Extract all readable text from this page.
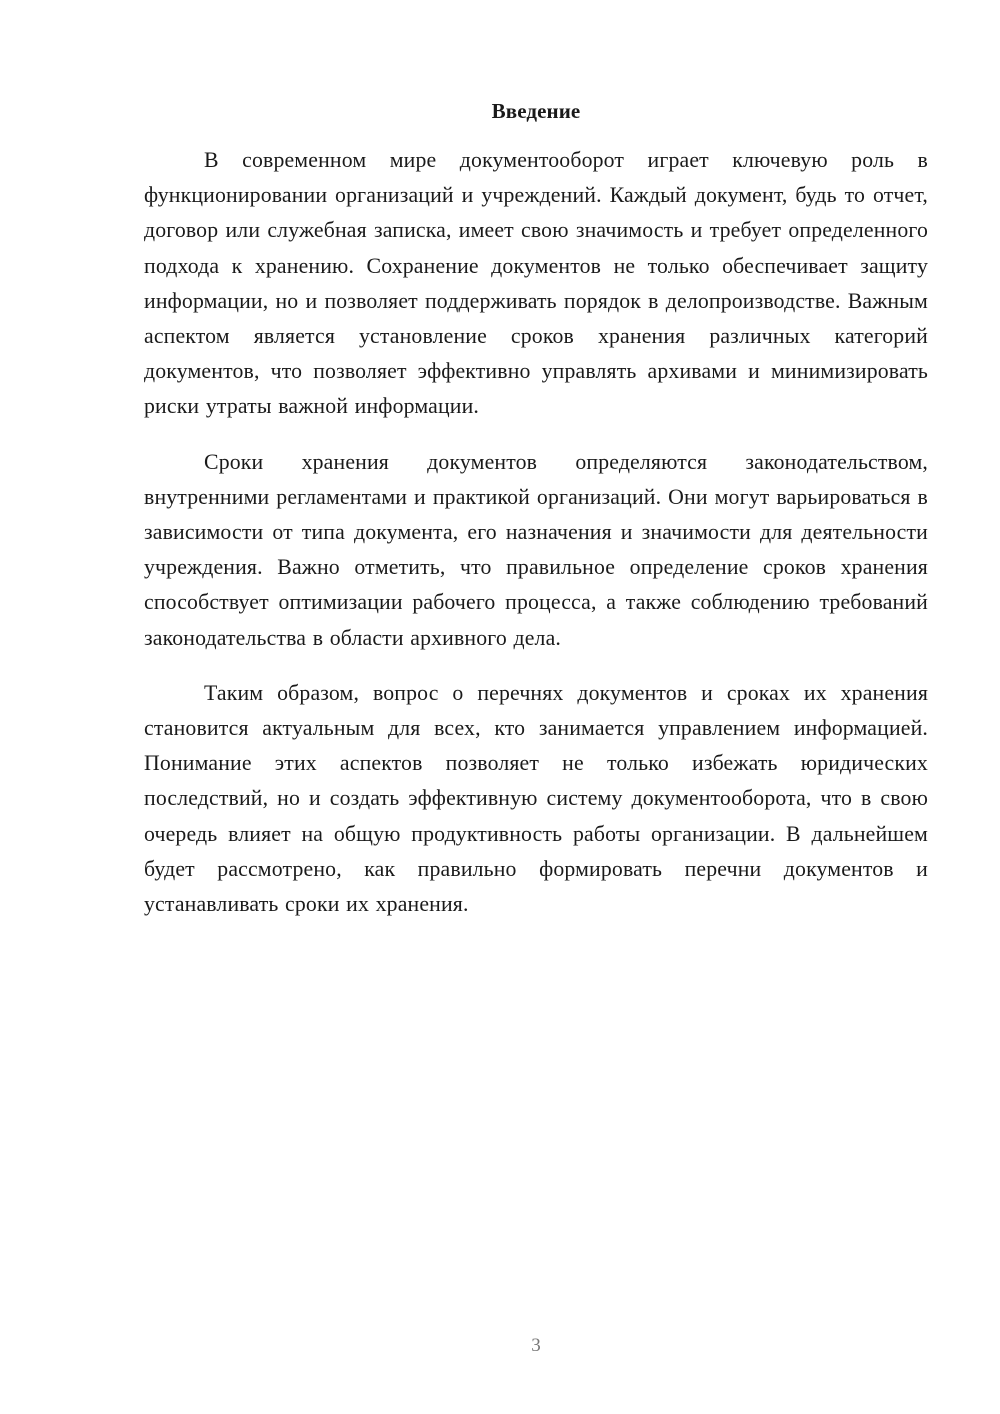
Введение

В современном мире документооборот играет ключевую роль в функционировании организаций и учреждений. Каждый документ, будь то отчет, договор или служебная записка, имеет свою значимость и требует определенного подхода к хранению. Сохранение документов не только обеспечивает защиту информации, но и позволяет поддерживать порядок в делопроизводстве. Важным аспектом является установление сроков хранения различных категорий документов, что позволяет эффективно управлять архивами и минимизировать риски утраты важной информации.

Сроки хранения документов определяются законодательством, внутренними регламентами и практикой организаций. Они могут варьироваться в зависимости от типа документа, его назначения и значимости для деятельности учреждения. Важно отметить, что правильное определение сроков хранения способствует оптимизации рабочего процесса, а также соблюдению требований законодательства в области архивного дела.

Таким образом, вопрос о перечнях документов и сроках их хранения становится актуальным для всех, кто занимается управлением информацией. Понимание этих аспектов позволяет не только избежать юридических последствий, но и создать эффективную систему документооборота, что в свою очередь влияет на общую продуктивность работы организации. В дальнейшем будет рассмотрено, как правильно формировать перечни документов и устанавливать сроки их хранения.

3
